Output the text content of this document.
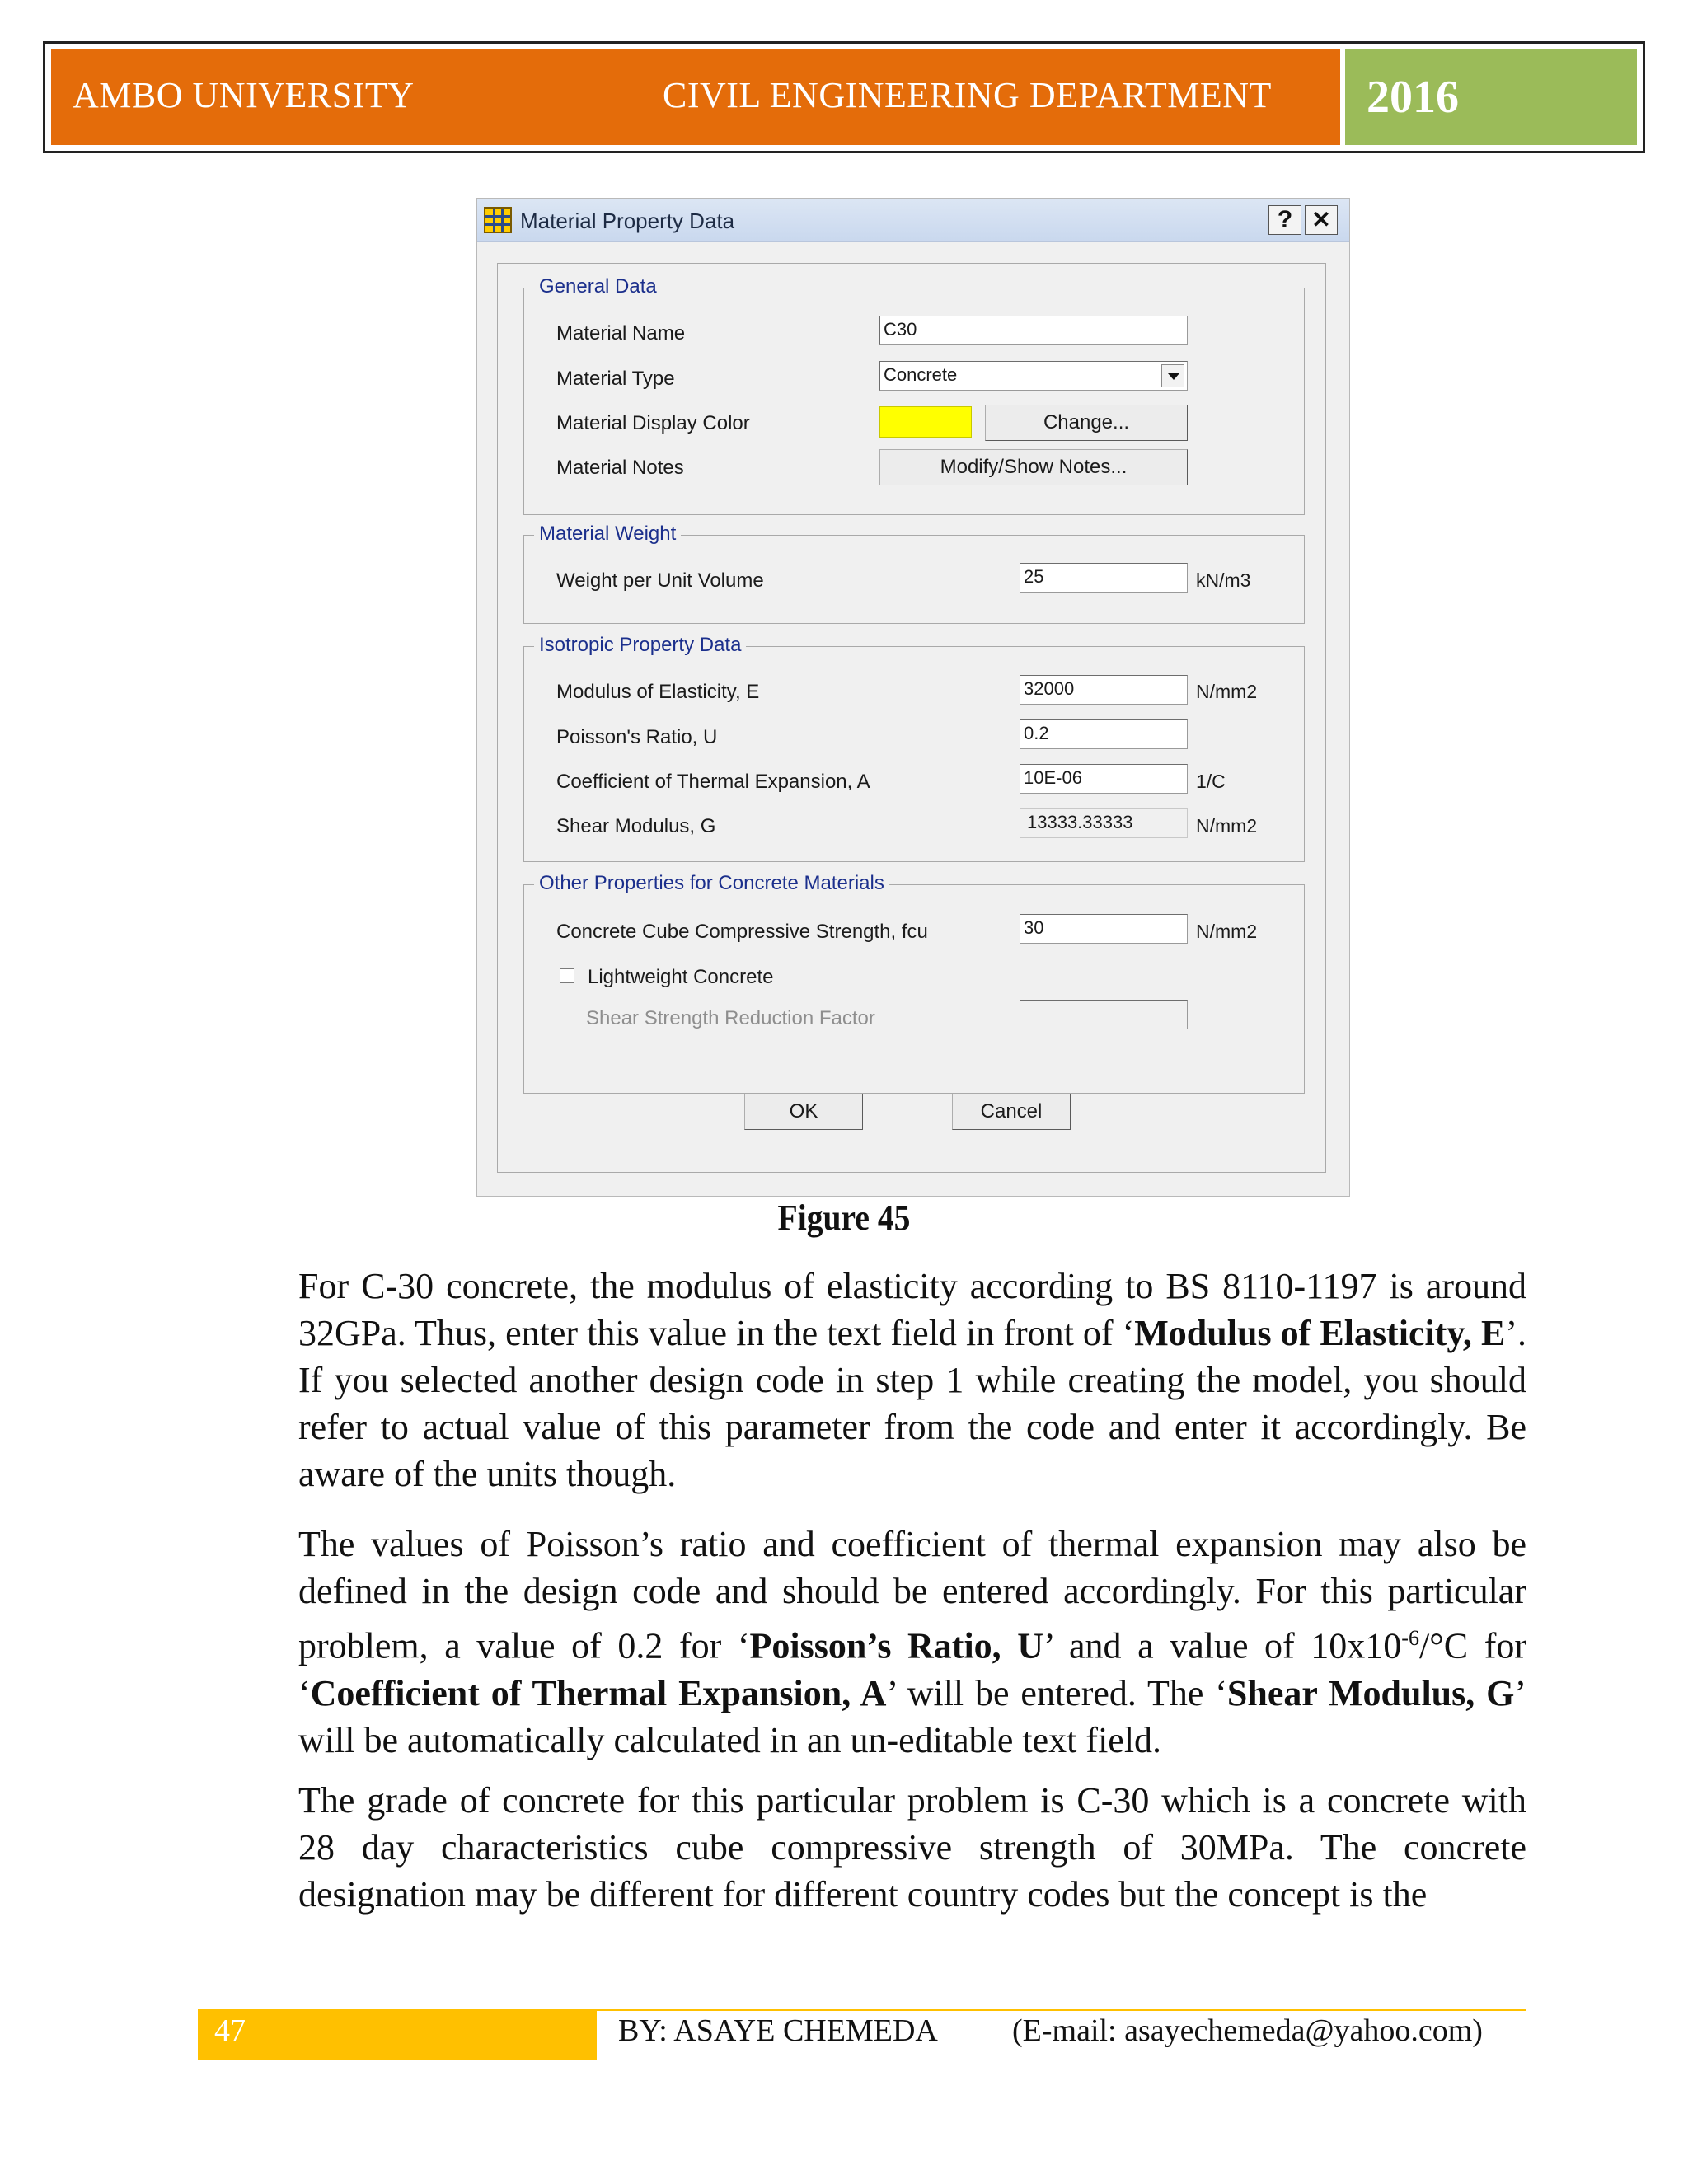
AMBO UNIVERSITY	CIVIL ENGINEERING DEPARTMENT 2016
Material Property Data	? ✕
General Data
Material Name	C30
Material Type	Concrete
Material Display Color	Change...
Material Notes	Modify/Show Notes...
Material Weight
Weight per Unit Volume	25	kN/m3
Isotropic Property Data
Modulus of Elasticity, E	32000	N/mm2
Poisson's Ratio, U	0.2
Coefficient of Thermal Expansion, A	10E-06	1/C
Shear Modulus, G	13333.33333	N/mm2
Other Properties for Concrete Materials
Concrete Cube Compressive Strength, fcu	30	N/mm2
Lightweight Concrete
Shear Strength Reduction Factor
OK	Cancel
Figure 45
For C-30 concrete, the modulus of elasticity according to BS 8110-1197 is around 32GPa. Thus, enter this value in the text field in front of ‘Modulus of Elasticity, E’. If you selected another design code in step 1 while creating the model, you should refer to actual value of this parameter from the code and enter it accordingly. Be aware of the units though.
The values of Poisson’s ratio and coefficient of thermal expansion may also be defined in the design code and should be entered accordingly. For this particular problem, a value of 0.2 for ‘Poisson’s Ratio, U’ and a value of $10x10^{-6}/^\circ C$ for ‘Coefficient of Thermal Expansion, A’ will be entered. The ‘Shear Modulus, G’ will be automatically calculated in an un-editable text field.
The grade of concrete for this particular problem is C-30 which is a concrete with 28 day characteristics cube compressive strength of 30MPa. The concrete designation may be different for different country codes but the concept is the
47	BY: ASAYE CHEMEDA (E-mail: asayechemeda@yahoo.com)
